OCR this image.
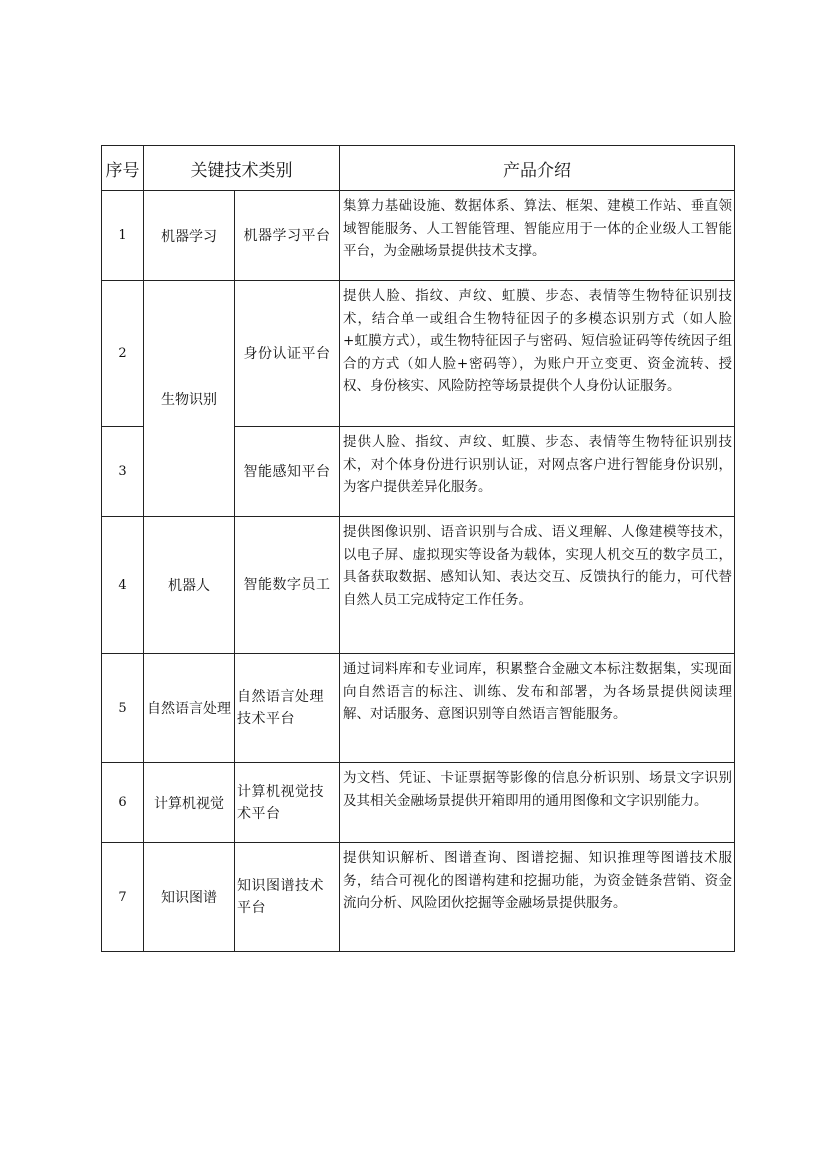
序号	关键技术类别		产品介绍
1	机器学习	机器学习平台	集算力基础设施、数据体系、算法、框架、建模工作站、垂直领域智能服务、人工智能管理、智能应用于一体的企业级人工智能平台，为金融场景提供技术支撑。

2	生物识别	身份认证平台	提供人脸、指纹、声纹、虹膜、步态、表情等生物特征识别技术，结合单一或组合生物特征因子的多模态识别方式（如人脸+虹膜方式），或生物特征因子与密码、短信验证码等传统因子组合的方式（如人脸+密码等），为账户开立变更、资金流转、授权、身份核实、风险防控等场景提供个人身份认证服务。

3		智能感知平台	提供人脸、指纹、声纹、虹膜、步态、表情等生物特征识别技术，对个体身份进行识别认证，对网点客户进行智能身份识别，为客户提供差异化服务。

4	机器人	智能数字员工	提供图像识别、语音识别与合成、语义理解、人像建模等技术，以电子屏、虚拟现实等设备为载体，实现人机交互的数字员工，具备获取数据、感知认知、表达交互、反馈执行的能力，可代替自然人员工完成特定工作任务。

5	自然语言处理	自然语言处理技术平台	通过词料库和专业词库，积累整合金融文本标注数据集，实现面向自然语言的标注、训练、发布和部署，为各场景提供阅读理解、对话服务、意图识别等自然语言智能服务。

6	计算机视觉	计算机视觉技术平台	为文档、凭证、卡证票据等影像的信息分析识别、场景文字识别及其相关金融场景提供开箱即用的通用图像和文字识别能力。

7	知识图谱	知识图谱技术平台	提供知识解析、图谱查询、图谱挖掘、知识推理等图谱技术服务，结合可视化的图谱构建和挖掘功能，为资金链条营销、资金流向分析、风险团伙挖掘等金融场景提供服务。
